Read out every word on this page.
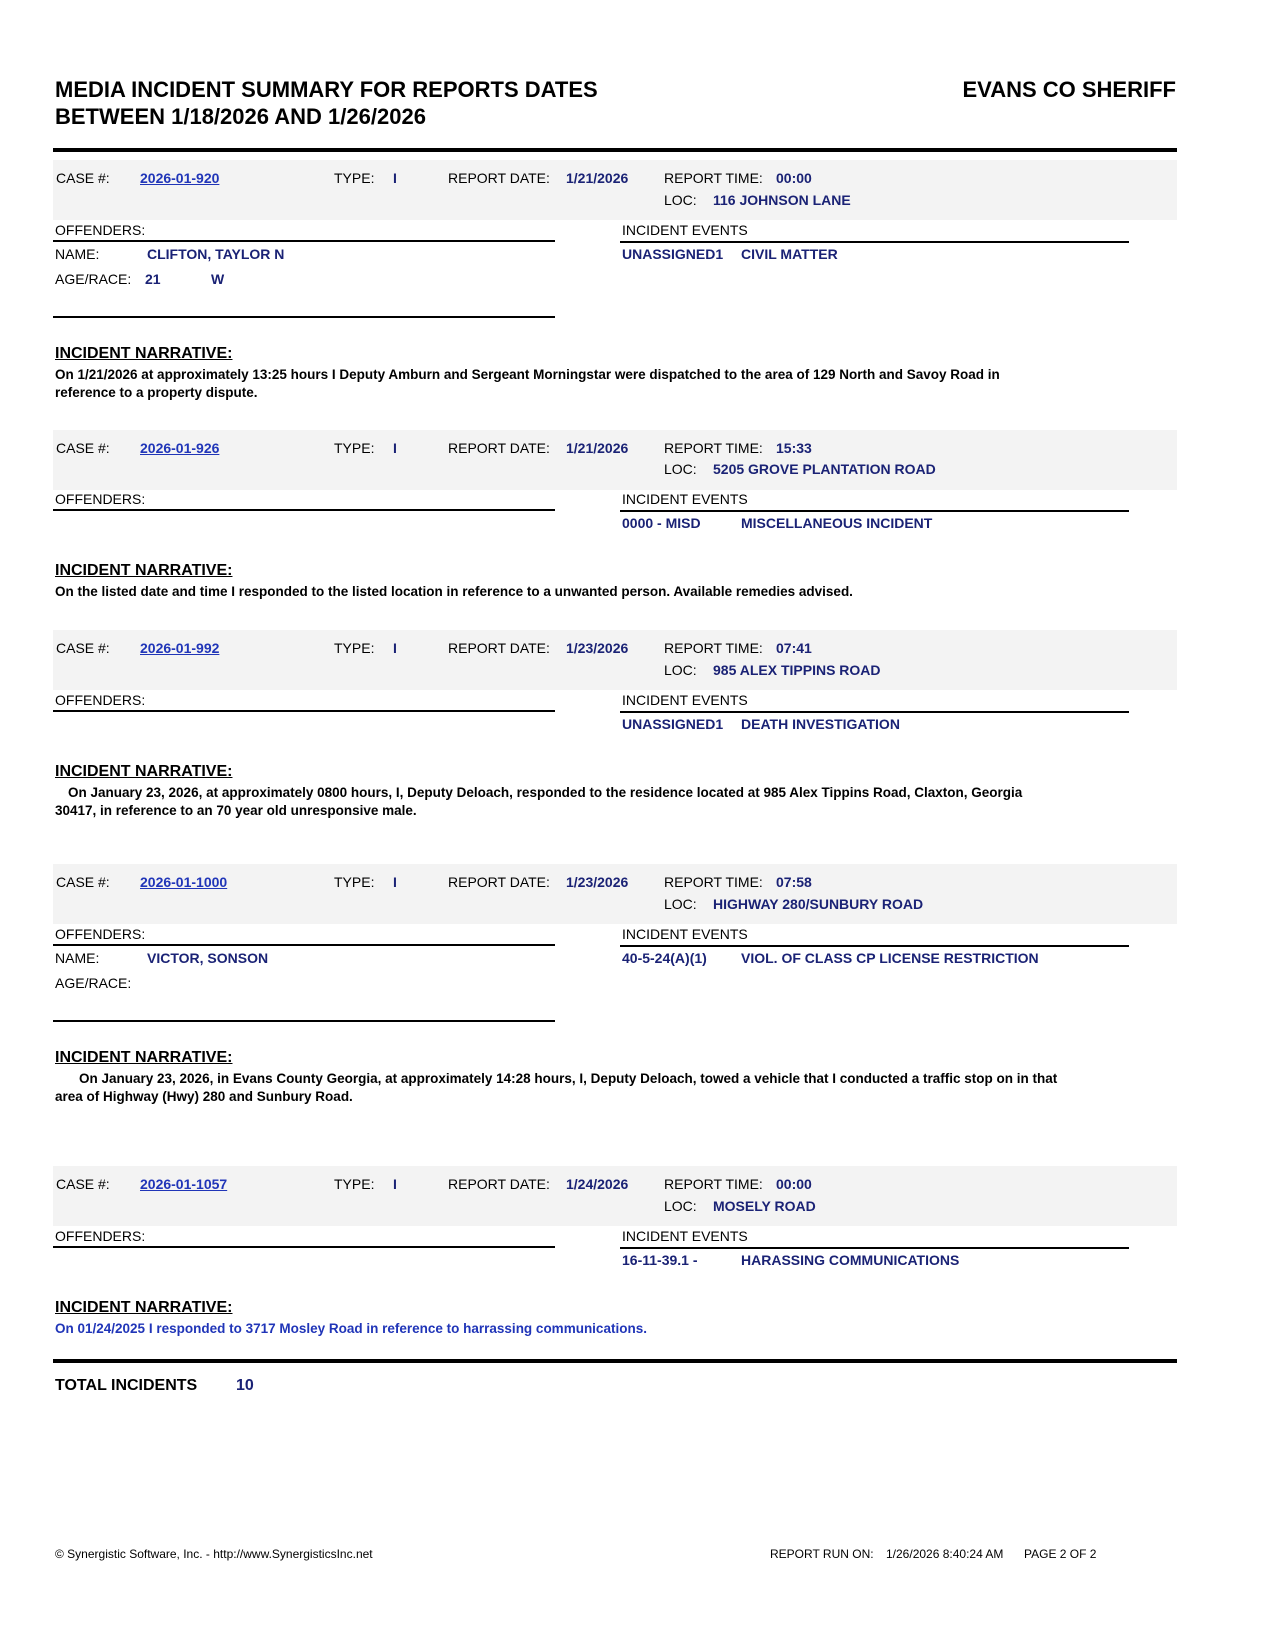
MEDIA INCIDENT SUMMARY FOR REPORTS DATES
BETWEEN 1/18/2026 AND 1/26/2026
EVANS CO SHERIFF
CASE #: 2026-01-920	TYPE: I	REPORT DATE: 1/21/2026	REPORT TIME: 00:00
LOC: 116 JOHNSON LANE
OFFENDERS:
NAME:	CLIFTON, TAYLOR N
AGE/RACE: 21	W
INCIDENT EVENTS
UNASSIGNED1 CIVIL MATTER
INCIDENT NARRATIVE:
On 1/21/2026 at approximately 13:25 hours I Deputy Amburn and Sergeant Morningstar were dispatched to the area of 129 North and Savoy Road in
reference to a property dispute.
CASE #: 2026-01-926	TYPE: I	REPORT DATE: 1/21/2026	REPORT TIME: 15:33
LOC: 5205 GROVE PLANTATION ROAD
OFFENDERS:	INCIDENT EVENTS
0000 - MISD	MISCELLANEOUS INCIDENT
INCIDENT NARRATIVE:
On the listed date and time I responded to the listed location in reference to a unwanted person. Available remedies advised.
CASE #: 2026-01-992	TYPE: I	REPORT DATE: 1/23/2026	REPORT TIME: 07:41
LOC: 985 ALEX TIPPINS ROAD
OFFENDERS:	INCIDENT EVENTS
UNASSIGNED1 DEATH INVESTIGATION
INCIDENT NARRATIVE:
On January 23, 2026, at approximately 0800 hours, I, Deputy Deloach, responded to the residence located at 985 Alex Tippins Road, Claxton, Georgia
30417, in reference to an 70 year old unresponsive male.
CASE #: 2026-01-1000	TYPE: I	REPORT DATE: 1/23/2026	REPORT TIME: 07:58
LOC: HIGHWAY 280/SUNBURY ROAD
OFFENDERS:
NAME:	VICTOR, SONSON
AGE/RACE:
INCIDENT EVENTS
40-5-24(A)(1) VIOL. OF CLASS CP LICENSE RESTRICTION
INCIDENT NARRATIVE:
On January 23, 2026, in Evans County Georgia, at approximately 14:28 hours, I, Deputy Deloach, towed a vehicle that I conducted a traffic stop on in that
area of Highway (Hwy) 280 and Sunbury Road.
CASE #: 2026-01-1057	TYPE: I	REPORT DATE: 1/24/2026	REPORT TIME: 00:00
LOC: MOSELY ROAD
OFFENDERS:	INCIDENT EVENTS
16-11-39.1 -	HARASSING COMMUNICATIONS
INCIDENT NARRATIVE:
On 01/24/2025 I responded to 3717 Mosley Road in reference to harrassing communications.
TOTAL INCIDENTS 10
© Synergistic Software, Inc. - http://www.SynergisticsInc.net	REPORT RUN ON: 1/26/2026 8:40:24 AM PAGE 2 OF 2
